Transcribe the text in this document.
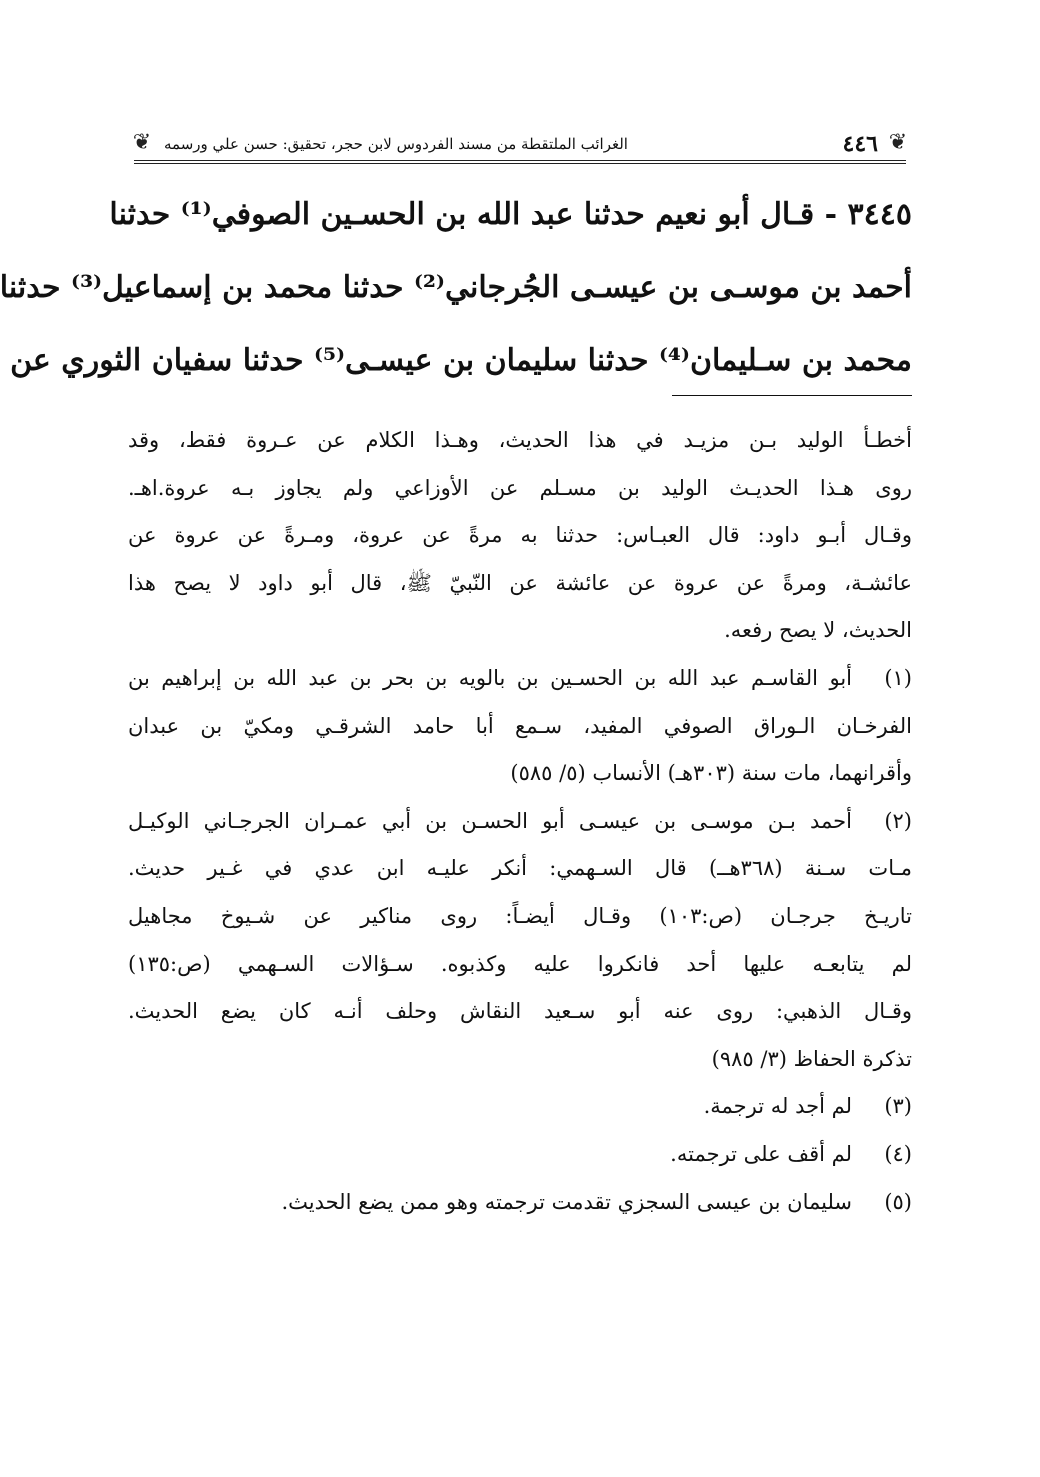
❦
٤٤٦
الغرائب الملتقطة من مسند الفردوس لابن حجر، تحقيق: حسن علي ورسمه
❦
٣٤٤٥ - قـال أبو نعيم حدثنا عبد الله بن الحسـين الصوفي⁽¹⁾ حدثنا
أحمد بن موسـى بن عيسـى الجُرجاني⁽²⁾ حدثنا محمد بن إسماعيل⁽³⁾ حدثنا
محمد بن سـليمان⁽⁴⁾ حدثنا سليمان بن عيسـى⁽⁵⁾ حدثنا سفيان الثوري عن
أخطـأ الوليد بـن مزيـد في هذا الحديث، وهـذا الكلام عن عـروة فقط، وقد
روى هـذا الحديـث الوليد بن مسـلم عن الأوزاعي ولم يجاوز بـه عروة.اهـ.
وقـال أبـو داود: قال العبـاس: حدثنا به مرةً عن عروة، ومـرةً عن عروة عن
عائشـة، ومرةً عن عروة عن عائشة عن النّبيّ ﷺ، قال أبو داود لا يصح هذا
الحديث، لا يصح رفعه.
(١)
أبو القاسـم عبد الله بن الحسـين بن بالويه بن بحر بن عبد الله بن إبراهيم بن
الفرخـان الـوراق الصوفي المفيد، سـمع أبا حامد الشرقـي ومكيّ بن عبدان
وأقرانهما، مات سنة (٣٠٣هـ) الأنساب (٥/ ٥٨٥)
(٢)
أحمد بـن موسـى بن عيسـى أبو الحسـن بن أبي عمـران الجرجـاني الوكيـل
مـات سـنة (٣٦٨هــ) قال السـهمي: أنكر عليـه ابن عدي في غـير حديث.
تاريـخ جرجـان (ص:١٠٣) وقـال أيضـاً: روى مناكير عن شـيوخ مجاهيل
لم يتابعـه عليها أحد فانكروا عليه وكذبوه. سـؤالات السـهمي (ص:١٣٥)
وقـال الذهبي: روى عنه أبو سـعيد النقاش وحلف أنـه كان يضع الحديث.
تذكرة الحفاظ (٣/ ٩٨٥)
(٣)
لم أجد له ترجمة.
(٤)
لم أقف على ترجمته.
(٥)
سليمان بن عيسى السجزي تقدمت ترجمته وهو ممن يضع الحديث.
